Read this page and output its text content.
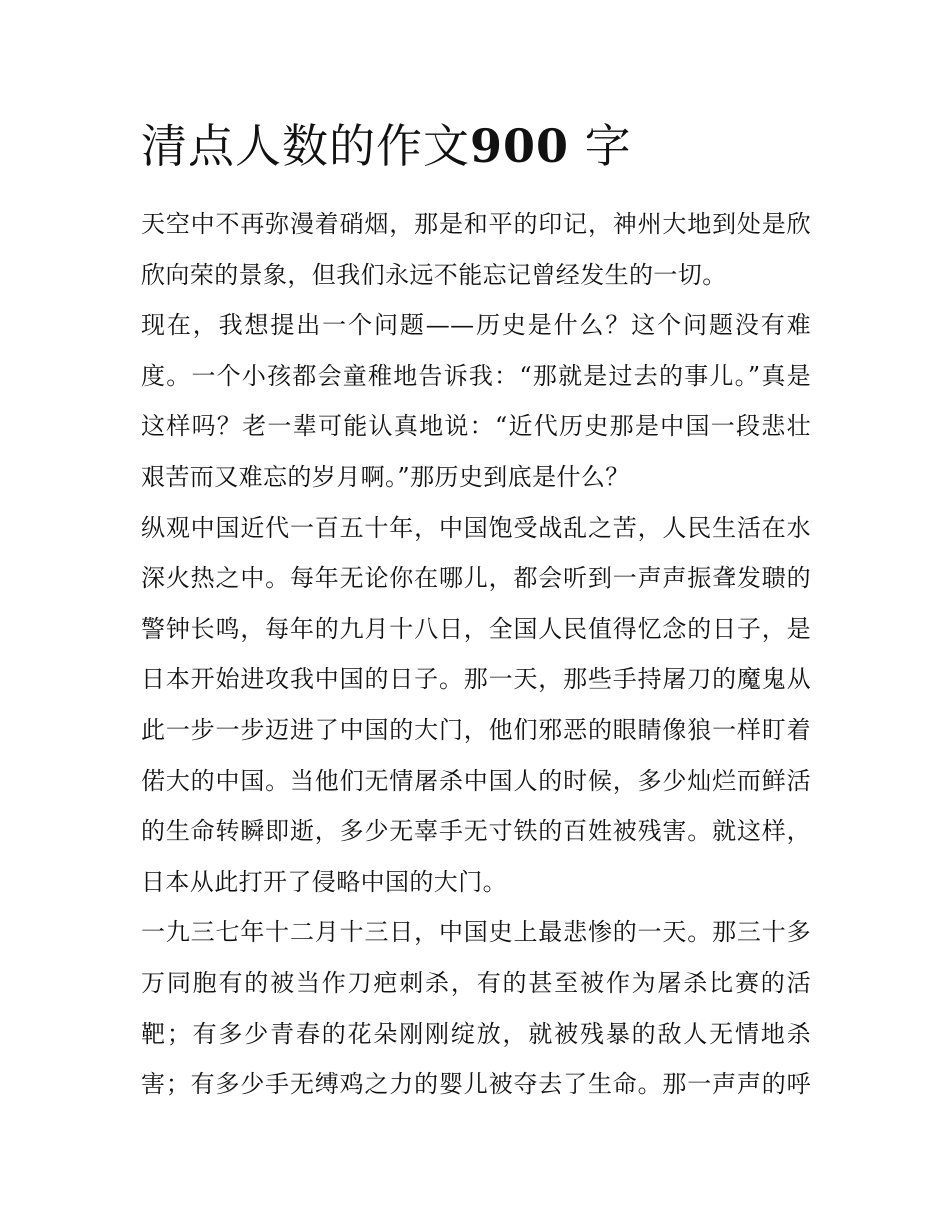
清点人数的作文900 字
天空中不再弥漫着硝烟，那是和平的印记，神州大地到处是欣
欣向荣的景象，但我们永远不能忘记曾经发生的一切。
现在，我想提出一个问题——历史是什么？这个问题没有难
度。一个小孩都会童稚地告诉我：“那就是过去的事儿。”真是
这样吗？老一辈可能认真地说：“近代历史那是中国一段悲壮
艰苦而又难忘的岁月啊。”那历史到底是什么？
纵观中国近代一百五十年，中国饱受战乱之苦，人民生活在水
深火热之中。每年无论你在哪儿，都会听到一声声振聋发聩的
警钟长鸣，每年的九月十八日，全国人民值得忆念的日子，是
日本开始进攻我中国的日子。那一天，那些手持屠刀的魔鬼从
此一步一步迈进了中国的大门，他们邪恶的眼睛像狼一样盯着
偌大的中国。当他们无情屠杀中国人的时候，多少灿烂而鲜活
的生命转瞬即逝，多少无辜手无寸铁的百姓被残害。就这样，
日本从此打开了侵略中国的大门。
一九三七年十二月十三日，中国史上最悲惨的一天。那三十多
万同胞有的被当作刀疤刺杀，有的甚至被作为屠杀比赛的活
靶；有多少青春的花朵刚刚绽放，就被残暴的敌人无情地杀
害；有多少手无缚鸡之力的婴儿被夺去了生命。那一声声的呼
